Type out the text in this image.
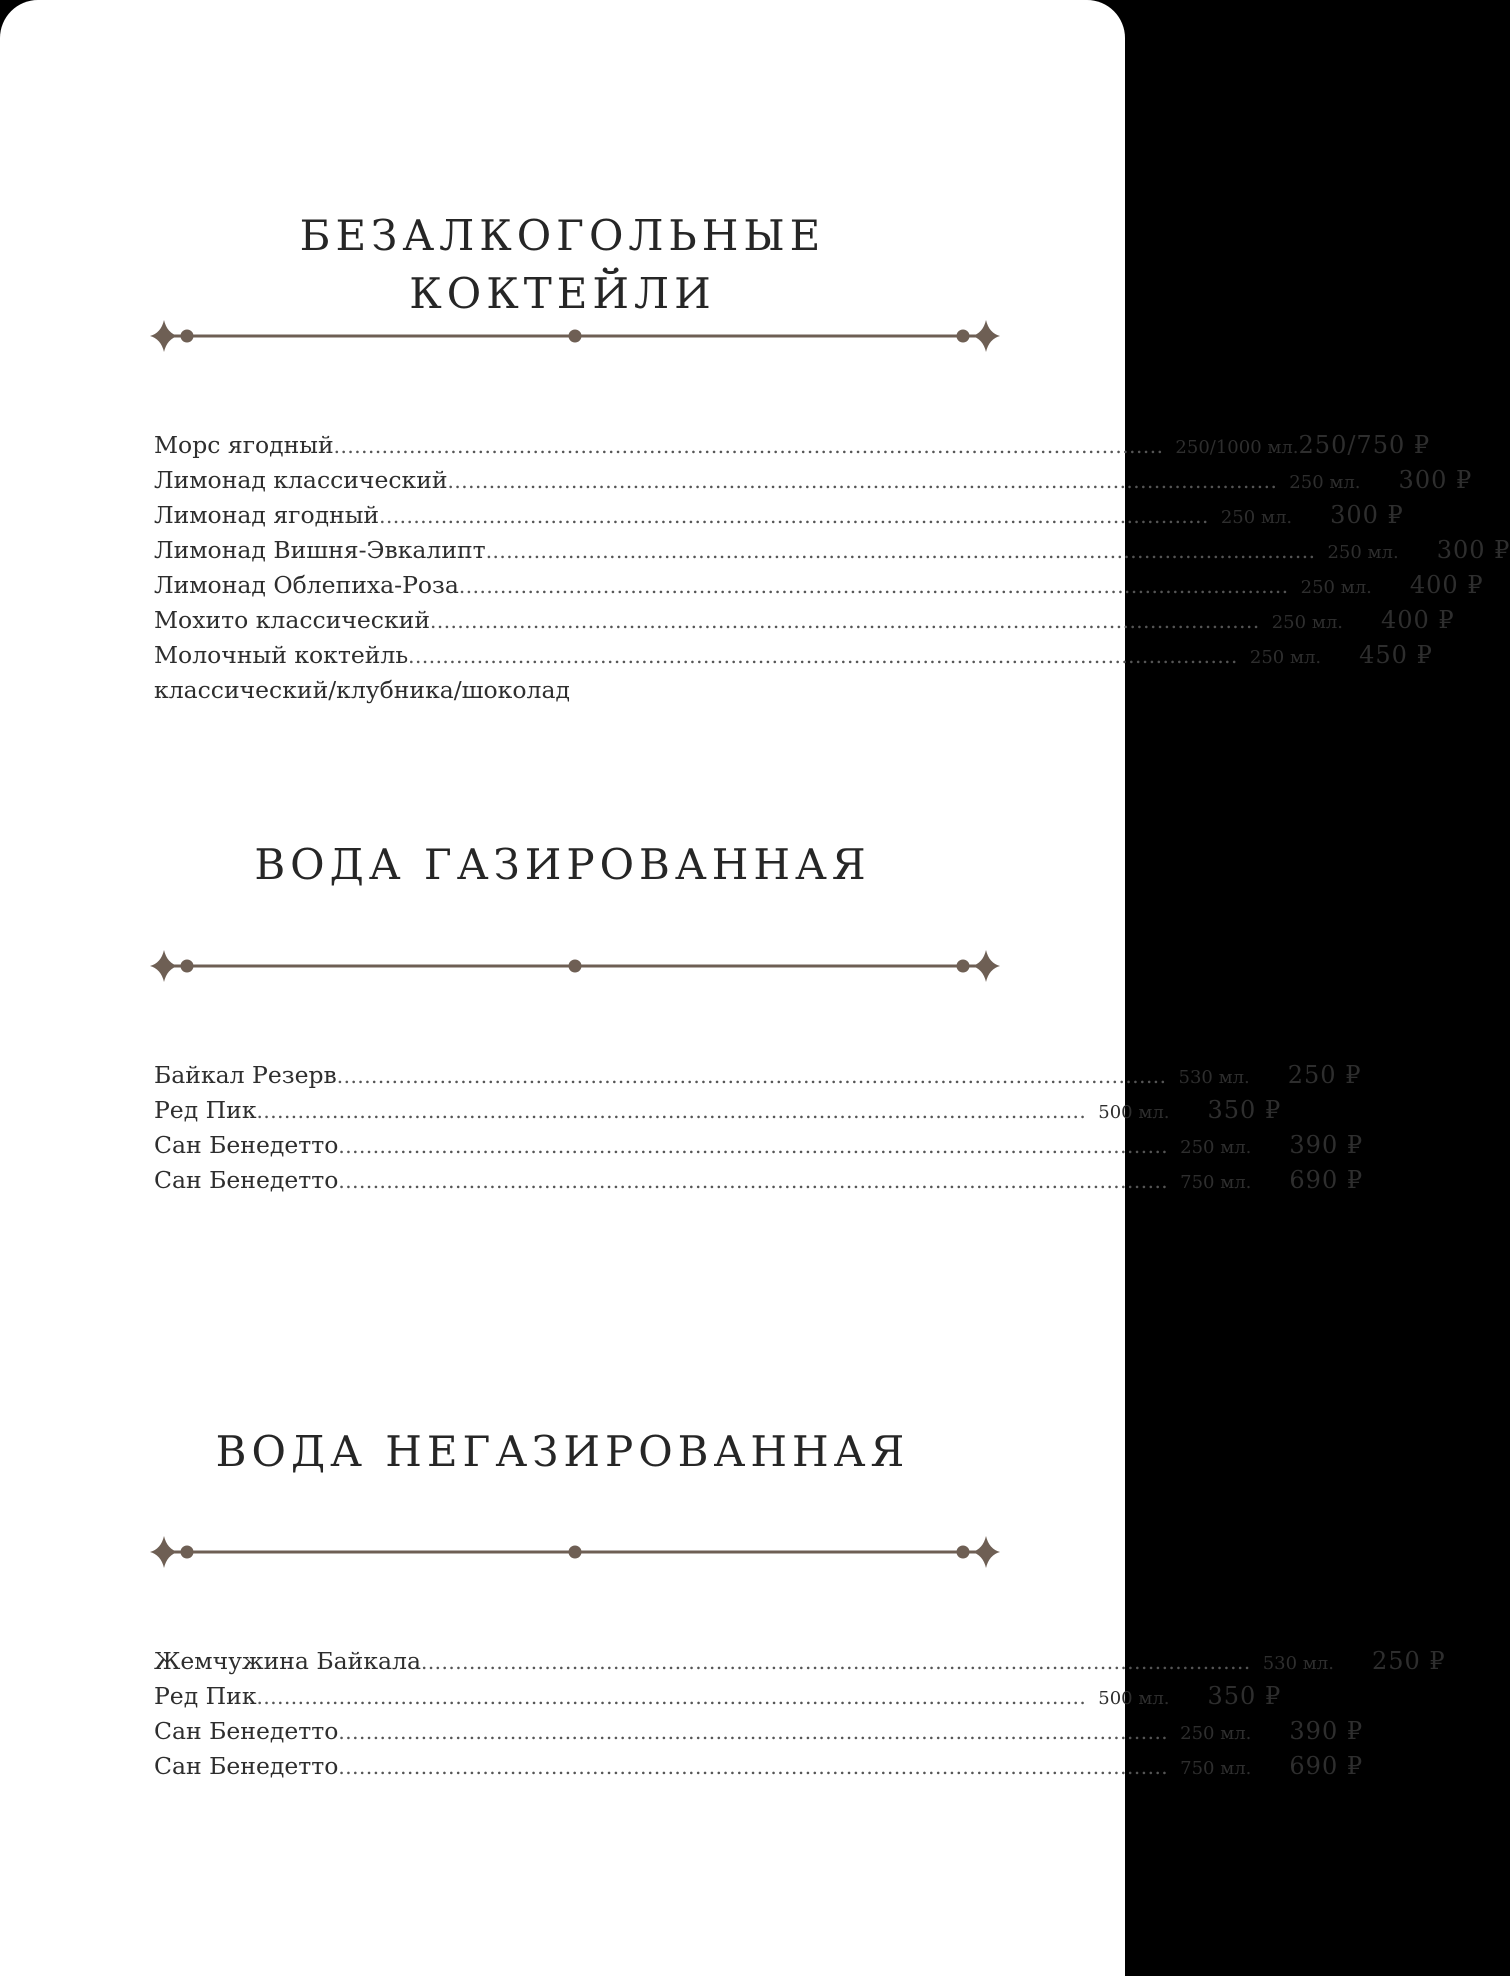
БЕЗАЛКОГОЛЬНЫЕ
КОКТЕЙЛИ
Морс ягодный ......................................................................................................................... 250/1000 мл. 250/750 ₽
Лимонад классический ......................................................................................................................... 250 мл. 300 ₽
Лимонад ягодный ......................................................................................................................... 250 мл. 300 ₽
Лимонад Вишня-Эвкалипт ......................................................................................................................... 250 мл. 300 ₽
Лимонад Облепиха-Роза ......................................................................................................................... 250 мл. 400 ₽
Мохито классический ......................................................................................................................... 250 мл. 400 ₽
Молочный коктейль ......................................................................................................................... 250 мл. 450 ₽
классический/клубника/шоколад
ВОДА ГАЗИРОВАННАЯ
Байкал Резерв ......................................................................................................................... 530 мл. 250 ₽
Ред Пик ......................................................................................................................... 500 мл. 350 ₽
Сан Бенедетто ......................................................................................................................... 250 мл. 390 ₽
Сан Бенедетто ......................................................................................................................... 750 мл. 690 ₽
ВОДА НЕГАЗИРОВАННАЯ
Жемчужина Байкала ......................................................................................................................... 530 мл. 250 ₽
Ред Пик ......................................................................................................................... 500 мл. 350 ₽
Сан Бенедетто ......................................................................................................................... 250 мл. 390 ₽
Сан Бенедетто ......................................................................................................................... 750 мл. 690 ₽
